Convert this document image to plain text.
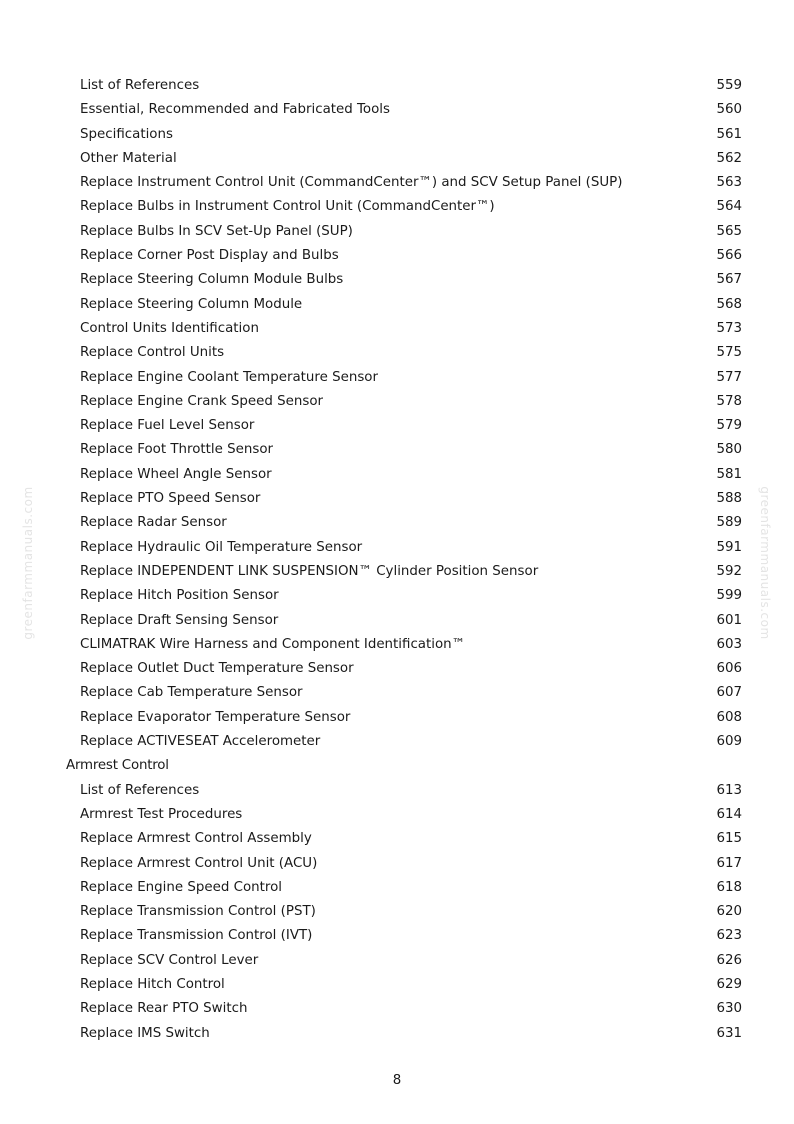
greenfarmmanuals.com	greenfarmmanuals.com
List of References	559
Essential, Recommended and Fabricated Tools	560
Specifications	561
Other Material	562
Replace Instrument Control Unit (CommandCenter™) and SCV Setup Panel (SUP)	563
Replace Bulbs in Instrument Control Unit (CommandCenter™)	564
Replace Bulbs In SCV Set-Up Panel (SUP)	565
Replace Corner Post Display and Bulbs	566
Replace Steering Column Module Bulbs	567
Replace Steering Column Module	568
Control Units Identification	573
Replace Control Units	575
Replace Engine Coolant Temperature Sensor	577
Replace Engine Crank Speed Sensor	578
Replace Fuel Level Sensor	579
Replace Foot Throttle Sensor	580
Replace Wheel Angle Sensor	581
Replace PTO Speed Sensor	588
Replace Radar Sensor	589
Replace Hydraulic Oil Temperature Sensor	591
Replace INDEPENDENT LINK SUSPENSION™ Cylinder Position Sensor	592
Replace Hitch Position Sensor	599
Replace Draft Sensing Sensor	601
CLIMATRAK Wire Harness and Component Identification™	603
Replace Outlet Duct Temperature Sensor	606
Replace Cab Temperature Sensor	607
Replace Evaporator Temperature Sensor	608
Replace ACTIVESEAT Accelerometer	609
Armrest Control
List of References	613
Armrest Test Procedures	614
Replace Armrest Control Assembly	615
Replace Armrest Control Unit (ACU)	617
Replace Engine Speed Control	618
Replace Transmission Control (PST)	620
Replace Transmission Control (IVT)	623
Replace SCV Control Lever	626
Replace Hitch Control	629
Replace Rear PTO Switch	630
Replace IMS Switch	631
8
